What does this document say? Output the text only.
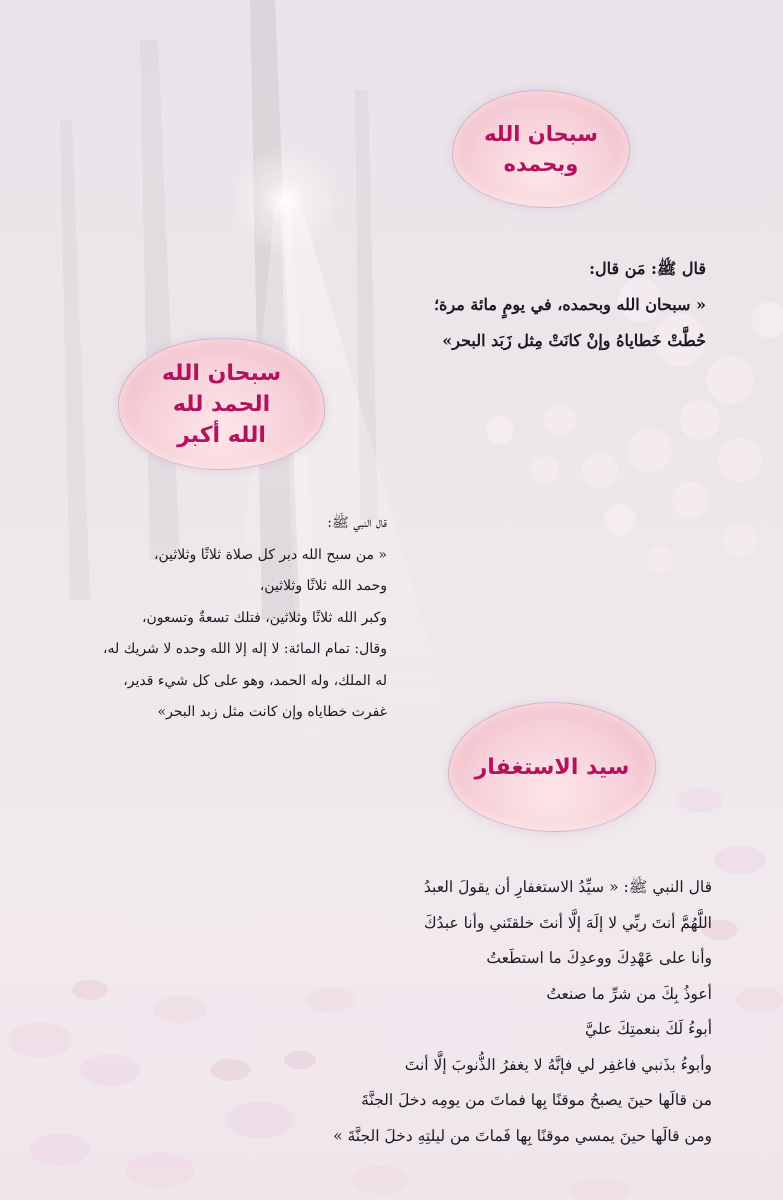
سبحان الله
وبحمده
قال ﷺ: مَن قال:
« سبحان الله وبحمده، في يومٍ مائة مرة؛
حُطَّتْ خَطاياهُ وإنْ كانَتْ مِثل زَبَد البحر»
سبحان الله
الحمد لله
الله أكبر
قال النبي ﷺ:
« من سبح الله دبر كل صلاة ثلاثًا وثلاثين،
وحمد الله ثلاثًا وثلاثين،
وكبر الله ثلاثًا وثلاثين، فتلك تسعةٌ وتسعون،
وقال: تمام المائة: لا إله إلا الله وحده لا شريك له،
له الملك، وله الحمد، وهو على كل شيء قدير،
غفرت خطاياه وإن كانت مثل زبد البحر»
سيد الاستغفار
قال النبي ﷺ: « سيِّدُ الاستغفارِ أن يقولَ العبدُ
اللَّهُمَّ أنتَ ربِّي لا إلَهَ إلَّا أنتَ خلقتَني وأنا عبدُكَ
وأنا على عَهْدِكَ ووعدِكَ ما استطَعتُ
أعوذُ بِكَ من شرِّ ما صنعتُ
أبوءُ لَكَ بنعمتِكَ عليَّ
وأبوءُ بذَنبي فاغفِر لي فإنَّهُ لا يغفرُ الذُّنوبَ إلَّا أنتَ
من قالَها حينَ يصبحُ موقنًا بِها فماتَ من يومِه دخلَ الجنَّةَ
ومن قالَها حينَ يمسي موقنًا بِها فَماتَ من ليلتِهِ دخلَ الجنَّةَ »
